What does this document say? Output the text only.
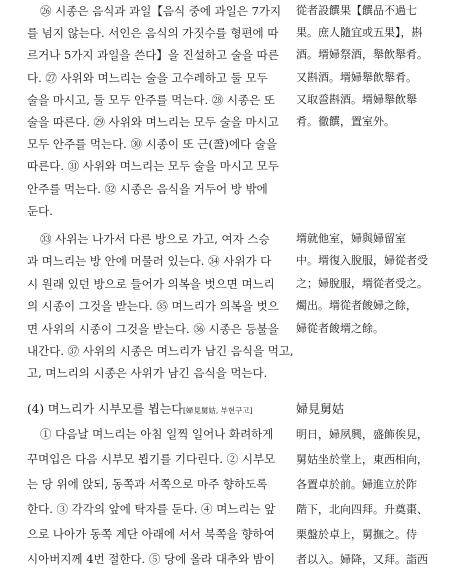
㉖ 시종은 음식과 과일【음식 중에 과일은 7가지
를 넘지 않는다. 서인은 음식의 가짓수를 형편에 따
르거나 5가지 과일을 쓴다】을 진설하고 술을 따른
다. ㉗ 사위와 며느리는 술을 고수레하고 둘 모두
술을 마시고, 둘 모두 안주를 먹는다. ㉘ 시종은 또
술을 따른다. ㉙ 사위와 며느리는 모두 술을 마시고
모두 안주를 먹는다. ㉚ 시종이 또 근(巹)에다 술을
따른다. ㉛ 사위와 며느리는 모두 술을 마시고 모두
안주를 먹는다. ㉜ 시종은 음식을 거두어 방 밖에
둔다.
從者設饌果【饌品不過七
果。庶人隨宜或五果】，斟
酒。壻婦祭酒，舉飲舉肴。
又斟酒。壻婦舉飲舉肴。
又取巹斟酒。壻婦舉飲舉
肴。徹饌，置室外。
㉝ 사위는 나가서 다른 방으로 가고, 여자 스승
과 며느리는 방 안에 머물러 있는다. ㉞ 사위가 다
시 원래 있던 방으로 들어가 의복을 벗으면 며느리
의 시종이 그것을 받는다. ㉟ 며느리가 의복을 벗으
면 사위의 시종이 그것을 받는다. ㊱ 시종은 등불을
내간다. ㊲ 사위의 시종은 며느리가 남긴 음식을 먹고,
고, 며느리의 시종은 사위가 남긴 음식을 먹는다.
壻就他室，婦與婦留室
中。壻復入脫服，婦從者受
之；婦脫服，壻從者受之。
燭出。壻從者餕婦之餘，
婦從者餕壻之餘。
(4) 며느리가 시부모를 뵙는다[婦見舅姑, 부현구고]	婦見舅姑
① 다음날 며느리는 아침 일찍 일어나 화려하게
꾸며입은 다음 시부모 뵙기를 기다린다. ② 시부모
는 당 위에 앉되, 동쪽과 서쪽으로 마주 향하도록
한다. ③ 각각의 앞에 탁자를 둔다. ④ 며느리는 앞
으로 나아가 동쪽 계단 아래에 서서 북쪽을 향하여
시아버지께 4번 절한다. ⑤ 당에 올라 대추와 밤이
明日，婦夙興，盛飾俟見，
舅姑坐於堂上，東西相向，
各置卓於前。婦進立於阼
階下，北向四拜。升奠棗、
栗盤於卓上，舅撫之。侍
者以入。婦降，又拜。詣西
